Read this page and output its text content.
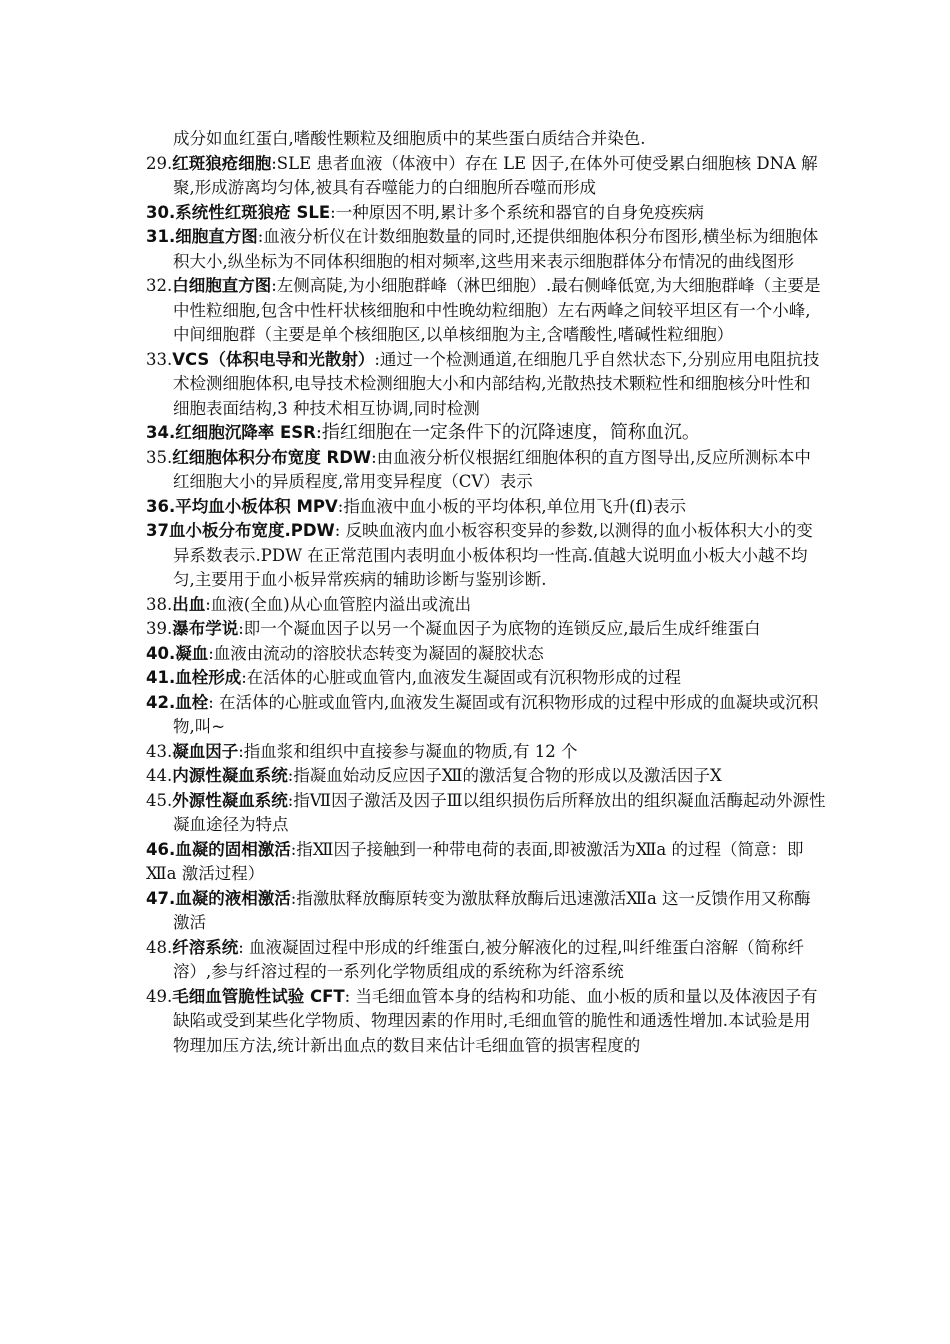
成分如血红蛋白,嗜酸性颗粒及细胞质中的某些蛋白质结合并染色.
29.红斑狼疮细胞:SLE 患者血液（体液中）存在 LE 因子,在体外可使受累白细胞核 DNA 解聚,形成游离均匀体,被具有吞噬能力的白细胞所吞噬而形成
30.系统性红斑狼疮 SLE:一种原因不明,累计多个系统和器官的自身免疫疾病
31.细胞直方图:血液分析仪在计数细胞数量的同时,还提供细胞体积分布图形,横坐标为细胞体积大小,纵坐标为不同体积细胞的相对频率,这些用来表示细胞群体分布情况的曲线图形
32.白细胞直方图:左侧高陡,为小细胞群峰（淋巴细胞）.最右侧峰低宽,为大细胞群峰（主要是中性粒细胞,包含中性杆状核细胞和中性晚幼粒细胞）左右两峰之间较平坦区有一个小峰,中间细胞群（主要是单个核细胞区,以单核细胞为主,含嗜酸性,嗜碱性粒细胞）
33.VCS（体积电导和光散射）:通过一个检测通道,在细胞几乎自然状态下,分别应用电阻抗技术检测细胞体积,电导技术检测细胞大小和内部结构,光散热技术颗粒性和细胞核分叶性和细胞表面结构,3 种技术相互协调,同时检测
34.红细胞沉降率 ESR:指红细胞在一定条件下的沉降速度，简称血沉。
35.红细胞体积分布宽度 RDW:由血液分析仪根据红细胞体积的直方图导出,反应所测标本中红细胞大小的异质程度,常用变异程度（CV）表示
36.平均血小板体积 MPV:指血液中血小板的平均体积,单位用飞升(fl)表示
37血小板分布宽度.PDW: 反映血液内血小板容积变异的参数,以测得的血小板体积大小的变异系数表示.PDW 在正常范围内表明血小板体积均一性高.值越大说明血小板大小越不均匀,主要用于血小板异常疾病的辅助诊断与鉴别诊断.
38.出血:血液(全血)从心血管腔内溢出或流出
39.瀑布学说:即一个凝血因子以另一个凝血因子为底物的连锁反应,最后生成纤维蛋白
40.凝血:血液由流动的溶胶状态转变为凝固的凝胶状态
41.血栓形成:在活体的心脏或血管内,血液发生凝固或有沉积物形成的过程
42.血栓: 在活体的心脏或血管内,血液发生凝固或有沉积物形成的过程中形成的血凝块或沉积物,叫~
43.凝血因子:指血浆和组织中直接参与凝血的物质,有 12 个
44.内源性凝血系统:指凝血始动反应因子Ⅻ的激活复合物的形成以及激活因子Ⅹ
45.外源性凝血系统:指Ⅶ因子激活及因子Ⅲ以组织损伤后所释放出的组织凝血活酶起动外源性凝血途径为特点
46.血凝的固相激活:指Ⅻ因子接触到一种带电荷的表面,即被激活为Ⅻa 的过程（简意：即Ⅻa 激活过程）
47.血凝的液相激活:指激肽释放酶原转变为激肽释放酶后迅速激活Ⅻa 这一反馈作用又称酶激活
48.纤溶系统: 血液凝固过程中形成的纤维蛋白,被分解液化的过程,叫纤维蛋白溶解（简称纤溶）,参与纤溶过程的一系列化学物质组成的系统称为纤溶系统
49.毛细血管脆性试验 CFT: 当毛细血管本身的结构和功能、血小板的质和量以及体液因子有缺陷或受到某些化学物质、物理因素的作用时,毛细血管的脆性和通透性增加.本试验是用物理加压方法,统计新出血点的数目来估计毛细血管的损害程度的
